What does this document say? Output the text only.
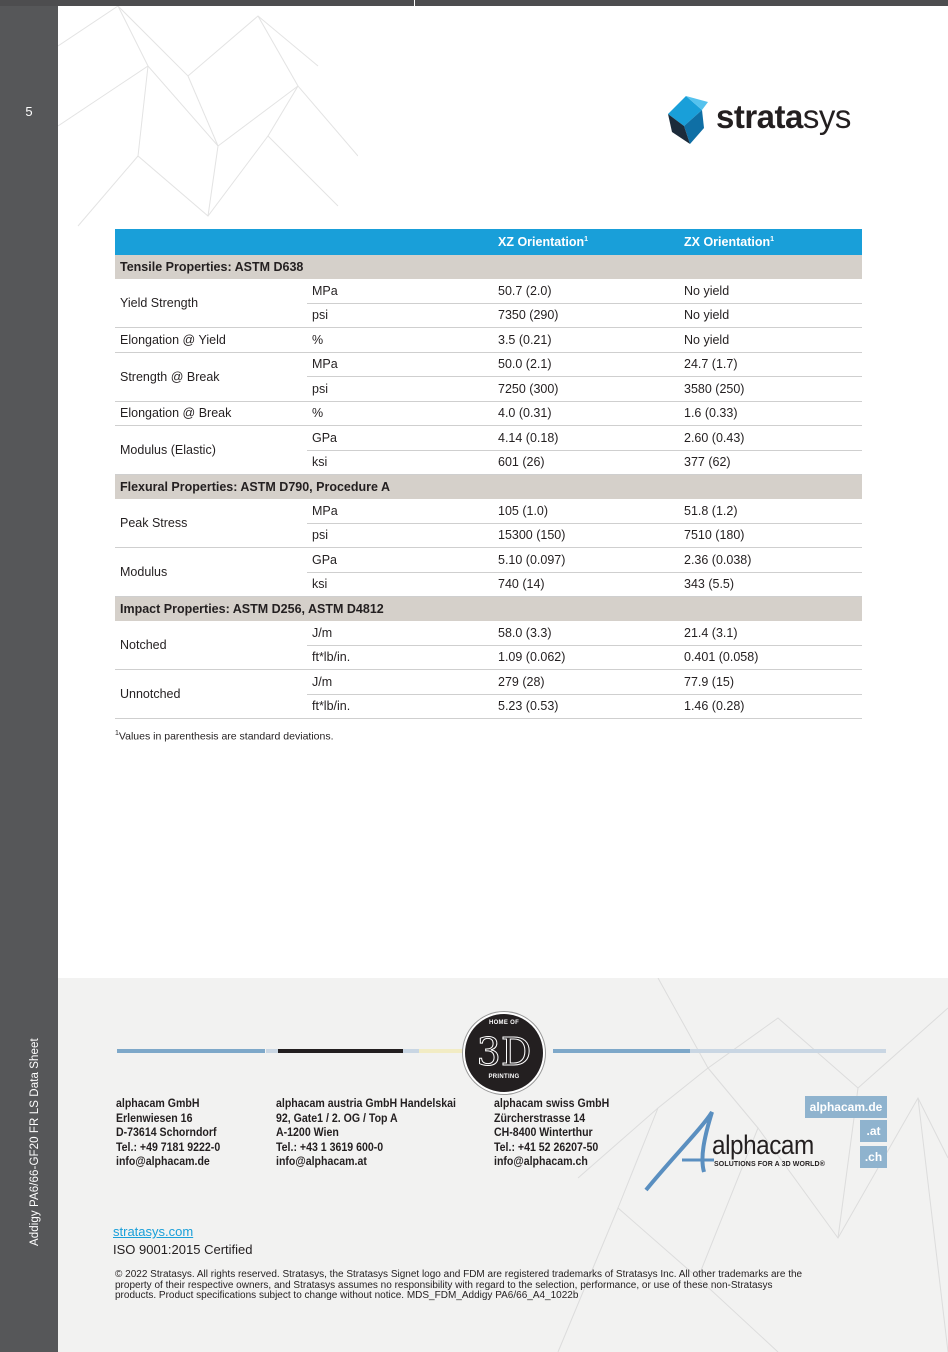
5
Addigy PA6/66-GF20 FR LS Data Sheet
stratasys
		XZ Orientation$^1$	ZX Orientation$^1$
Tensile Properties: ASTM D638			
Yield Strength	MPa	50.7 (2.0)	No yield
	psi	7350 (290)	No yield
Elongation @ Yield	%	3.5 (0.21)	No yield
Strength @ Break	MPa	50.0 (2.1)	24.7 (1.7)
	psi	7250 (300)	3580 (250)
Elongation @ Break	%	4.0 (0.31)	1.6 (0.33)
Modulus (Elastic)	GPa	4.14 (0.18)	2.60 (0.43)
	ksi	601 (26)	377 (62)
Flexural Properties: ASTM D790, Procedure A			
Peak Stress	MPa	105 (1.0)	51.8 (1.2)
	psi	15300 (150)	7510 (180)
Modulus	GPa	5.10 (0.097)	2.36 (0.038)
	ksi	740 (14)	343 (5.5)
Impact Properties: ASTM D256, ASTM D4812			
Notched	J/m	58.0 (3.3)	21.4 (3.1)
	ft*lb/in.	1.09 (0.062)	0.401 (0.058)
Unnotched	J/m	279 (28)	77.9 (15)
	ft*lb/in.	5.23 (0.53)	1.46 (0.28)
$^1$Values in parenthesis are standard deviations.
HOME OF
3D
PRINTING
alphacam GmbH
Erlenwiesen 16
D-73614 Schorndorf
Tel.: +49 7181 9222-0
info@alphacam.de
alphacam austria GmbH Handelskai
92, Gate1 / 2. OG / Top A
A-1200 Wien
Tel.: +43 1 3619 600-0
info@alphacam.at
alphacam swiss GmbH
Zürcherstrasse 14
CH-8400 Winterthur
Tel.: +41 52 26207-50
info@alphacam.ch
alphacam.de
.at
.ch
alphacam
SOLUTIONS FOR A 3D WORLD®
stratasys.com
ISO 9001:2015 Certified
© 2022 Stratasys. All rights reserved. Stratasys, the Stratasys Signet logo and FDM are registered trademarks of Stratasys Inc. All other trademarks are the property of their respective owners, and Stratasys assumes no responsibility with regard to the selection, performance, or use of these non-Stratasys products. Product specifications subject to change without notice. MDS_FDM_Addigy PA6/66_A4_1022b
